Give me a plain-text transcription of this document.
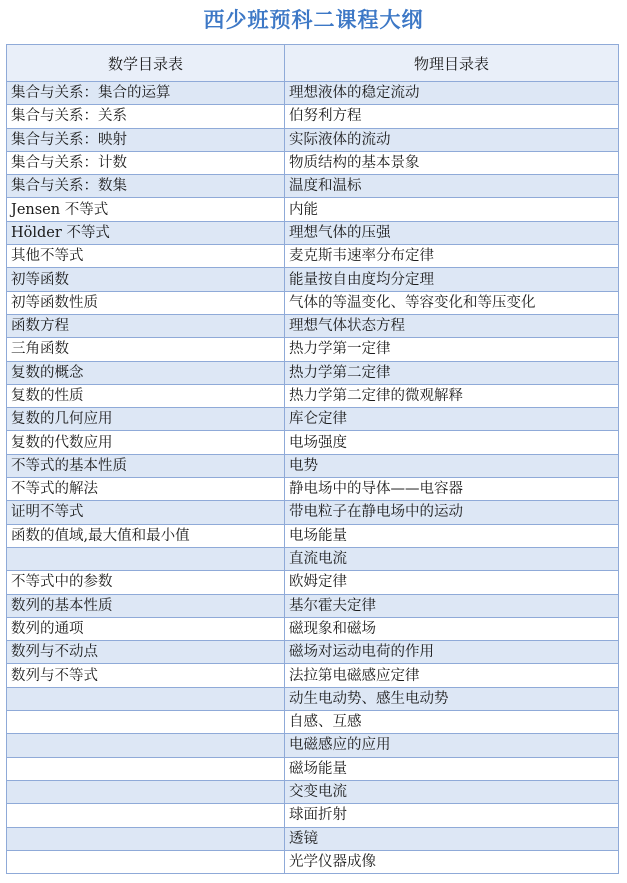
西少班预科二课程大纲
数学目录表	物理目录表
集合与关系：集合的运算	理想液体的稳定流动
集合与关系：关系	伯努利方程
集合与关系：映射	实际液体的流动
集合与关系：计数	物质结构的基本景象
集合与关系：数集	温度和温标
Jensen 不等式	内能
Hölder 不等式	理想气体的压强
其他不等式	麦克斯韦速率分布定律
初等函数	能量按自由度均分定理
初等函数性质	气体的等温变化、等容变化和等压变化
函数方程	理想气体状态方程
三角函数	热力学第一定律
复数的概念	热力学第二定律
复数的性质	热力学第二定律的微观解释
复数的几何应用	库仑定律
复数的代数应用	电场强度
不等式的基本性质	电势
不等式的解法	静电场中的导体——电容器
证明不等式	带电粒子在静电场中的运动
函数的值域,最大值和最小值	电场能量
	直流电流
不等式中的参数	欧姆定律
数列的基本性质	基尔霍夫定律
数列的通项	磁现象和磁场
数列与不动点	磁场对运动电荷的作用
数列与不等式	法拉第电磁感应定律
	动生电动势、感生电动势
	自感、互感
	电磁感应的应用
	磁场能量
	交变电流
	球面折射
	透镜
	光学仪器成像
